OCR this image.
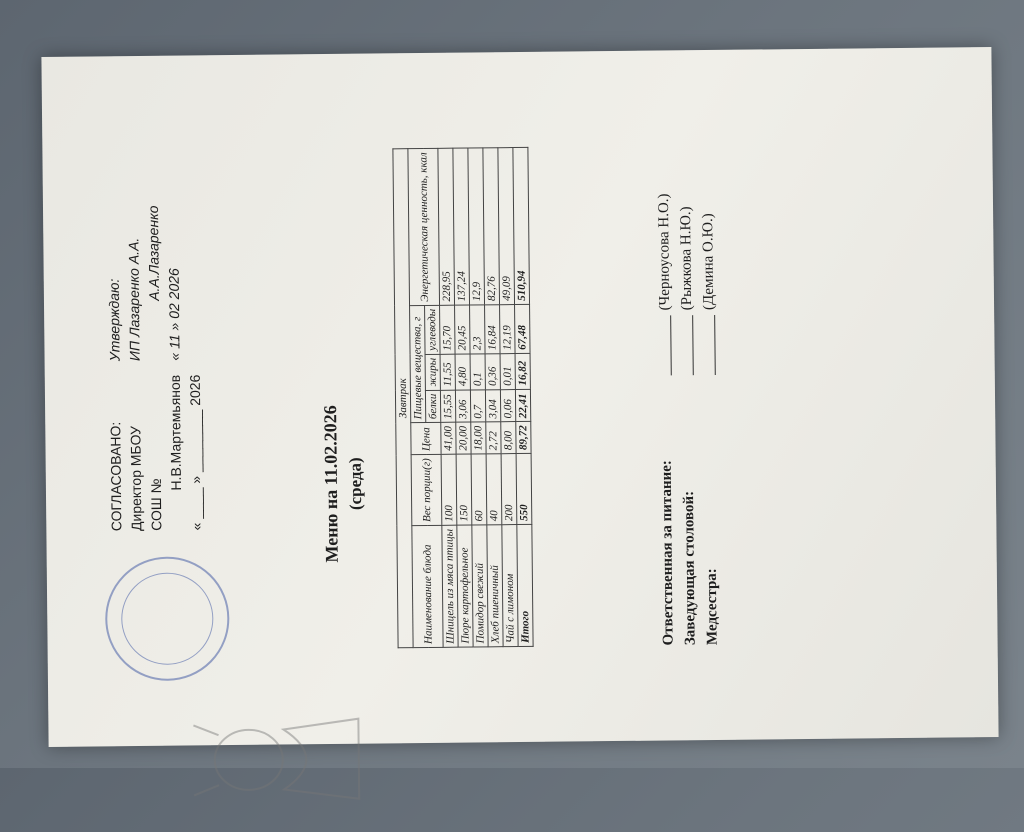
Утверждаю: ИП Лазаренко А.А. А.А.Лазаренко
« 11 » 02 2026
СОГЛАСОВАНО: Директор МБОУ СОШ №
Н.В.Мартемьянов « ____ » ________ 2026	Меню на 11.02.2026 (среда)
Завтрак						
Наименование блюда	Вес порции(г)	Цена	Пищевые вещества, г			Энергетическая ценность, ккал
			белки	жиры	углеводы	
Шницель из мяса птицы	100	41,00	15,55	11,55	15,70	228,95
Пюре картофельное	150	20,00	3,06	4,80	20,45	137,24
Помидор свежий	60	18,00	0,7	0,1	2,3	12,9
Хлеб пшеничный	40	2,72	3,04	0,36	16,84	82,76
Чай с лимоном	200	8,00	0,06	0,01	12,19	49,09
Итого	550	89,72	22,41	16,82	67,48	510,94
Ответственная за питание:
(Черноусова Н.О.)
Заведующая столовой:
(Рыжкова Н.Ю.)
Медсестра:
(Демина О.Ю.)
